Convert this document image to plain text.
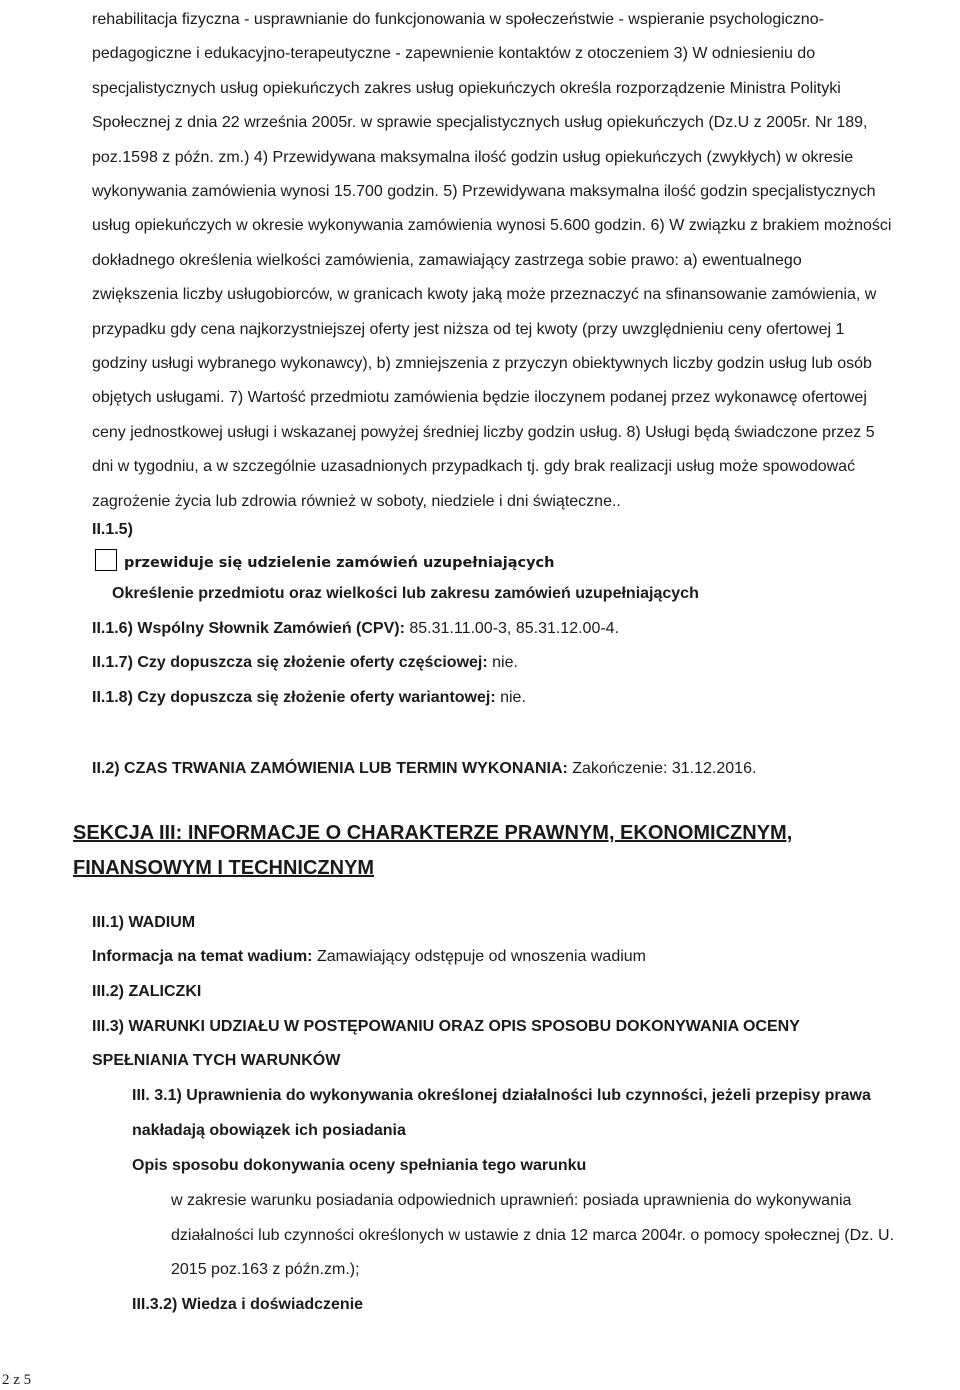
rehabilitacja fizyczna - usprawnianie do funkcjonowania w społeczeństwie - wspieranie psychologiczno-
pedagogiczne i edukacyjno-terapeutyczne - zapewnienie kontaktów z otoczeniem 3) W odniesieniu do
specjalistycznych usług opiekuńczych zakres usług opiekuńczych określa rozporządzenie Ministra Polityki
Społecznej z dnia 22 września 2005r. w sprawie specjalistycznych usług opiekuńczych (Dz.U z 2005r. Nr 189,
poz.1598 z późn. zm.) 4) Przewidywana maksymalna ilość godzin usług opiekuńczych (zwykłych) w okresie
wykonywania zamówienia wynosi 15.700 godzin. 5) Przewidywana maksymalna ilość godzin specjalistycznych
usług opiekuńczych w okresie wykonywania zamówienia wynosi 5.600 godzin. 6) W związku z brakiem możności
dokładnego określenia wielkości zamówienia, zamawiający zastrzega sobie prawo: a) ewentualnego
zwiększenia liczby usługobiorców, w granicach kwoty jaką może przeznaczyć na sfinansowanie zamówienia, w
przypadku gdy cena najkorzystniejszej oferty jest niższa od tej kwoty (przy uwzględnieniu ceny ofertowej 1
godziny usługi wybranego wykonawcy), b) zmniejszenia z przyczyn obiektywnych liczby godzin usług lub osób
objętych usługami. 7) Wartość przedmiotu zamówienia będzie iloczynem podanej przez wykonawcę ofertowej
ceny jednostkowej usługi i wskazanej powyżej średniej liczby godzin usług. 8) Usługi będą świadczone przez 5
dni w tygodniu, a w szczególnie uzasadnionych przypadkach tj. gdy brak realizacji usług może spowodować
zagrożenie życia lub zdrowia również w soboty, niedziele i dni świąteczne..

II.1.5)
przewiduje się udzielenie zamówień uzupełniających
Określenie przedmiotu oraz wielkości lub zakresu zamówień uzupełniających
II.1.6) Wspólny Słownik Zamówień (CPV): 85.31.11.00-3, 85.31.12.00-4.
II.1.7) Czy dopuszcza się złożenie oferty częściowej: nie.
II.1.8) Czy dopuszcza się złożenie oferty wariantowej: nie.
II.2) CZAS TRWANIA ZAMÓWIENIA LUB TERMIN WYKONANIA: Zakończenie: 31.12.2016.
SEKCJA III: INFORMACJE O CHARAKTERZE PRAWNYM, EKONOMICZNYM,
FINANSOWYM I TECHNICZNYM
III.1) WADIUM
Informacja na temat wadium: Zamawiający odstępuje od wnoszenia wadium
III.2) ZALICZKI
III.3) WARUNKI UDZIAŁU W POSTĘPOWANIU ORAZ OPIS SPOSOBU DOKONYWANIA OCENY
SPEŁNIANIA TYCH WARUNKÓW
III. 3.1) Uprawnienia do wykonywania określonej działalności lub czynności, jeżeli przepisy prawa
nakładają obowiązek ich posiadania
Opis sposobu dokonywania oceny spełniania tego warunku
w zakresie warunku posiadania odpowiednich uprawnień: posiada uprawnienia do wykonywania
działalności lub czynności określonych w ustawie z dnia 12 marca 2004r. o pomocy społecznej (Dz. U.
2015 poz.163 z późn.zm.);
III.3.2) Wiedza i doświadczenie
2 z 5
